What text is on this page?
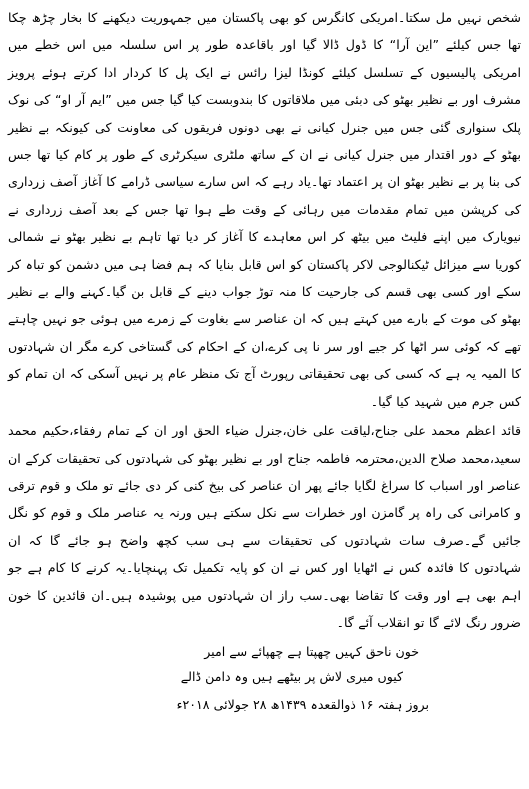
شخص نہیں مل سکتا۔امریکی کانگرس کو بھی پاکستان میں جمہوریت دیکھنے کا بخار چڑھ چکا تھا جس کیلئے ”این آرا“ کا ڈول ڈالا گیا اور باقاعدہ طور پر اس سلسلہ میں اس خطے میں امریکی پالیسیوں کے تسلسل کیلئے کونڈا لیزا رائس نے ایک پل کا کردار ادا کرتے ہوئے پرویز مشرف اور بے نظیر بھٹو کی دبئی میں ملاقاتوں کا بندوبست کیا گیا جس میں ”ایم آر او“ کی نوک پلک سنواری گئی جس میں جنرل کیانی نے بھی دونوں فریقوں کی معاونت کی کیونکہ بے نظیر بھٹو کے دور اقتدار میں جنرل کیانی نے ان کے ساتھ ملٹری سیکرٹری کے طور پر کام کیا تھا جس کی بنا پر بے نظیر بھٹو ان پر اعتماد تھا۔یاد رہے کہ اس سارے سیاسی ڈرامے کا آغاز آصف زرداری کی کرپشن میں تمام مقدمات میں رہائی کے وقت طے ہوا تھا جس کے بعد آصف زرداری نے نیویارک میں اپنے فلیٹ میں بیٹھ کر اس معاہدے کا آغاز کر دیا تھا تاہم بے نظیر بھٹو نے شمالی کوریا سے میزائل ٹیکنالوجی لاکر پاکستان کو اس قابل بنایا کہ ہم فضا ہی میں دشمن کو تباہ کر سکے اور کسی بھی قسم کی جارحیت کا منہ توڑ جواب دینے کے قابل بن گیا۔کہنے والے بے نظیر بھٹو کی موت کے بارے میں کہتے ہیں کہ ان عناصر سے بغاوت کے زمرے میں ہوئی جو نہیں چاہتے تھے کہ کوئی سر اٹھا کر جیے اور سر نا پی کرے،ان کے احکام کی گستاخی کرے مگر ان شہادتوں کا المیہ یہ ہے کہ کسی کی بھی تحقیقاتی رپورٹ آج تک منظر عام پر نہیں آسکی کہ ان تمام کو کس جرم میں شہید کیا گیا۔

قائد اعظم محمد علی جناح،لیاقت علی خان،جنرل ضیاء الحق اور ان کے تمام رفقاء،حکیم محمد سعید،محمد صلاح الدین،محترمہ فاطمہ جناح اور بے نظیر بھٹو کی شہادتوں کی تحقیقات کرکے ان عناصر اور اسباب کا سراغ لگایا جائے پھر ان عناصر کی بیخ کنی کر دی جائے تو ملک و قوم ترقی و کامرانی کی راہ پر گامزن اور خطرات سے نکل سکتے ہیں ورنہ یہ عناصر ملک و قوم کو نگل جائیں گے۔صرف سات شہادتوں کی تحقیقات سے ہی سب کچھ واضح ہو جائے گا کہ ان شہادتوں کا فائدہ کس نے اٹھایا اور کس نے ان کو پایہ تکمیل تک پہنچایا۔یہ کرنے کا کام ہے جو اہم بھی ہے اور وقت کا تقاضا بھی۔سب راز ان شہادتوں میں پوشیدہ ہیں۔ان قائدین کا خون ضرور رنگ لائے گا تو انقلاب آئے گا۔

خون ناحق کہیں چھپتا ہے چھپائے سے امیر
کیوں میری لاش پر بیٹھے ہیں وہ دامن ڈالے
بروز ہفتہ ۱۶ ذوالقعدہ ۱۴۳۹ھ ۲۸ جولائی ۲۰۱۸ء
